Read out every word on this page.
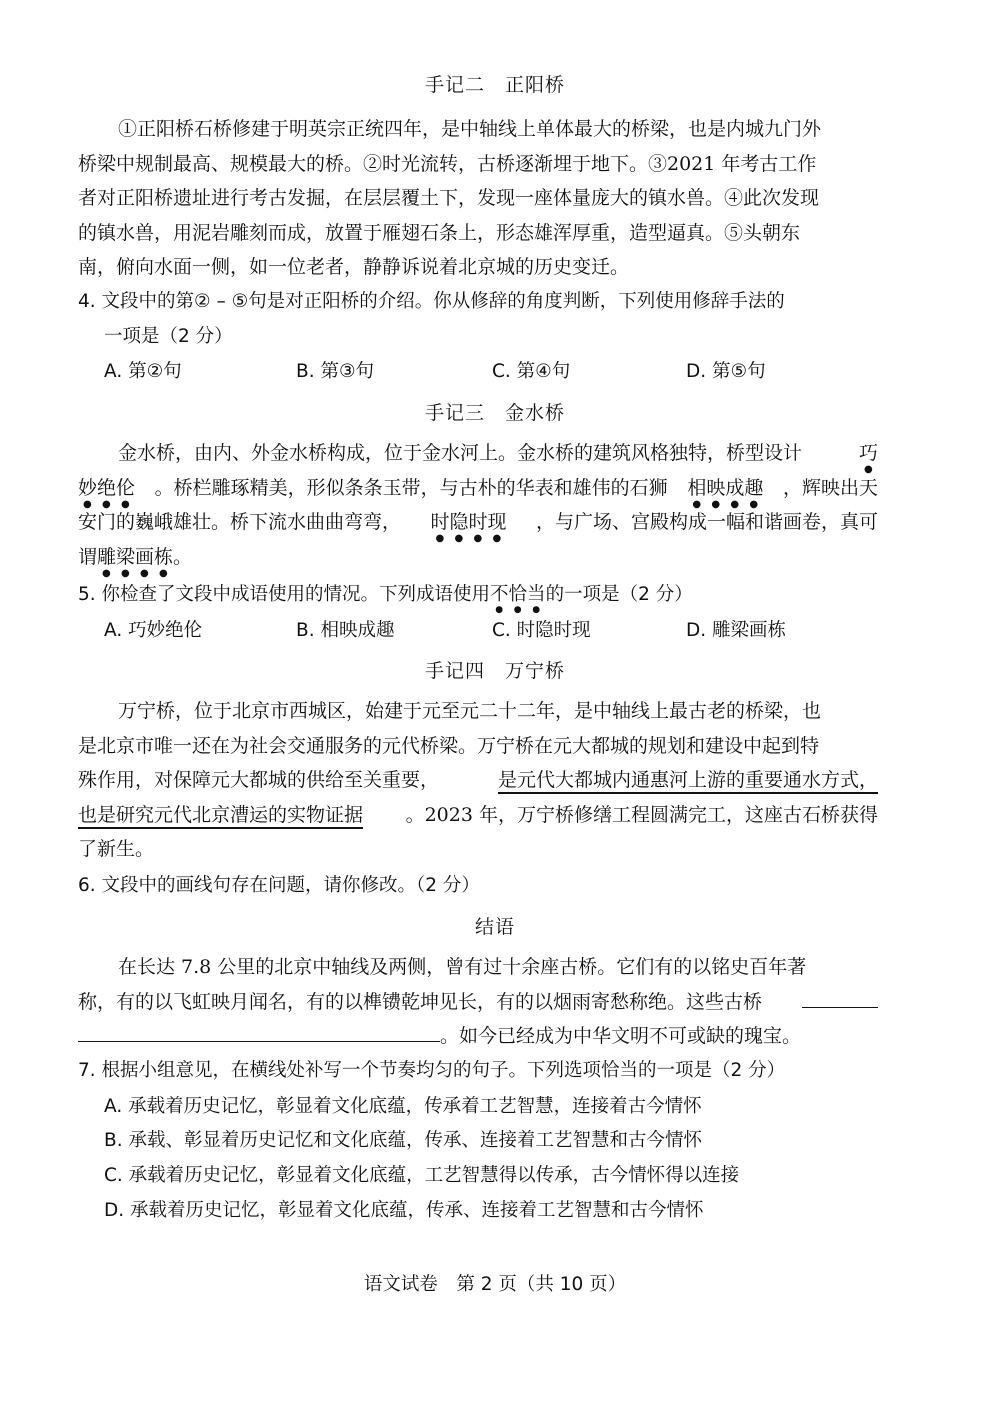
手记二　正阳桥
①正阳桥石桥修建于明英宗正统四年，是中轴线上单体最大的桥梁，也是内城九门外
桥梁中规制最高、规模最大的桥。②时光流转，古桥逐渐埋于地下。③2021 年考古工作
者对正阳桥遗址进行考古发掘，在层层覆土下，发现一座体量庞大的镇水兽。④此次发现
的镇水兽，用泥岩雕刻而成，放置于雁翅石条上，形态雄浑厚重，造型逼真。⑤头朝东
南，俯向水面一侧，如一位老者，静静诉说着北京城的历史变迁。
4. 文段中的第② – ⑤句是对正阳桥的介绍。你从修辞的角度判断，下列使用修辞手法的
一项是（2 分）
A. 第②句	B. 第③句	C. 第④句	D. 第⑤句
手记三　金水桥
金水桥，由内、外金水桥构成，位于金水河上。金水桥的建筑风格独特，桥型设计	巧
妙绝伦 。桥栏雕琢精美，形似条条玉带，与古朴的华表和雄伟的石狮 相映成趣 ，辉映出天
安门的巍峨雄壮。桥下流水曲曲弯弯， 时隐时现 ，与广场、宫殿构成一幅和谐画卷，真可
谓 雕梁画栋 。
5. 你检查了文段中成语使用的情况。下列成语使用不恰当的一项是（2 分）
A. 巧妙绝伦	B. 相映成趣	C. 时隐时现	D. 雕梁画栋
手记四　万宁桥
万宁桥，位于北京市西城区，始建于元至元二十二年，是中轴线上最古老的桥梁，也
是北京市唯一还在为社会交通服务的元代桥梁。万宁桥在元大都城的规划和建设中起到特
殊作用，对保障元大都城的供给至关重要，	是元代大都城内通惠河上游的重要通水方式，
也是研究元代北京漕运的实物证据 。2023 年，万宁桥修缮工程圆满完工，这座古石桥获得
了新生。
6. 文段中的画线句存在问题，请你修改。（2 分）
结语
在长达 7.8 公里的北京中轴线及两侧，曾有过十余座古桥。它们有的以铭史百年著
称，有的以飞虹映月闻名，有的以榫镄乾坤见长，有的以烟雨寄愁称绝。这些古桥
。如今已经成为中华文明不可或缺的瑰宝。
7. 根据小组意见，在横线处补写一个节奏均匀的句子。下列选项恰当的一项是（2 分）
A. 承载着历史记忆，彰显着文化底蕴，传承着工艺智慧，连接着古今情怀
B. 承载、彰显着历史记忆和文化底蕴，传承、连接着工艺智慧和古今情怀
C. 承载着历史记忆，彰显着文化底蕴，工艺智慧得以传承，古今情怀得以连接
D. 承载着历史记忆，彰显着文化底蕴，传承、连接着工艺智慧和古今情怀
语文试卷　第 2 页（共 10 页）
